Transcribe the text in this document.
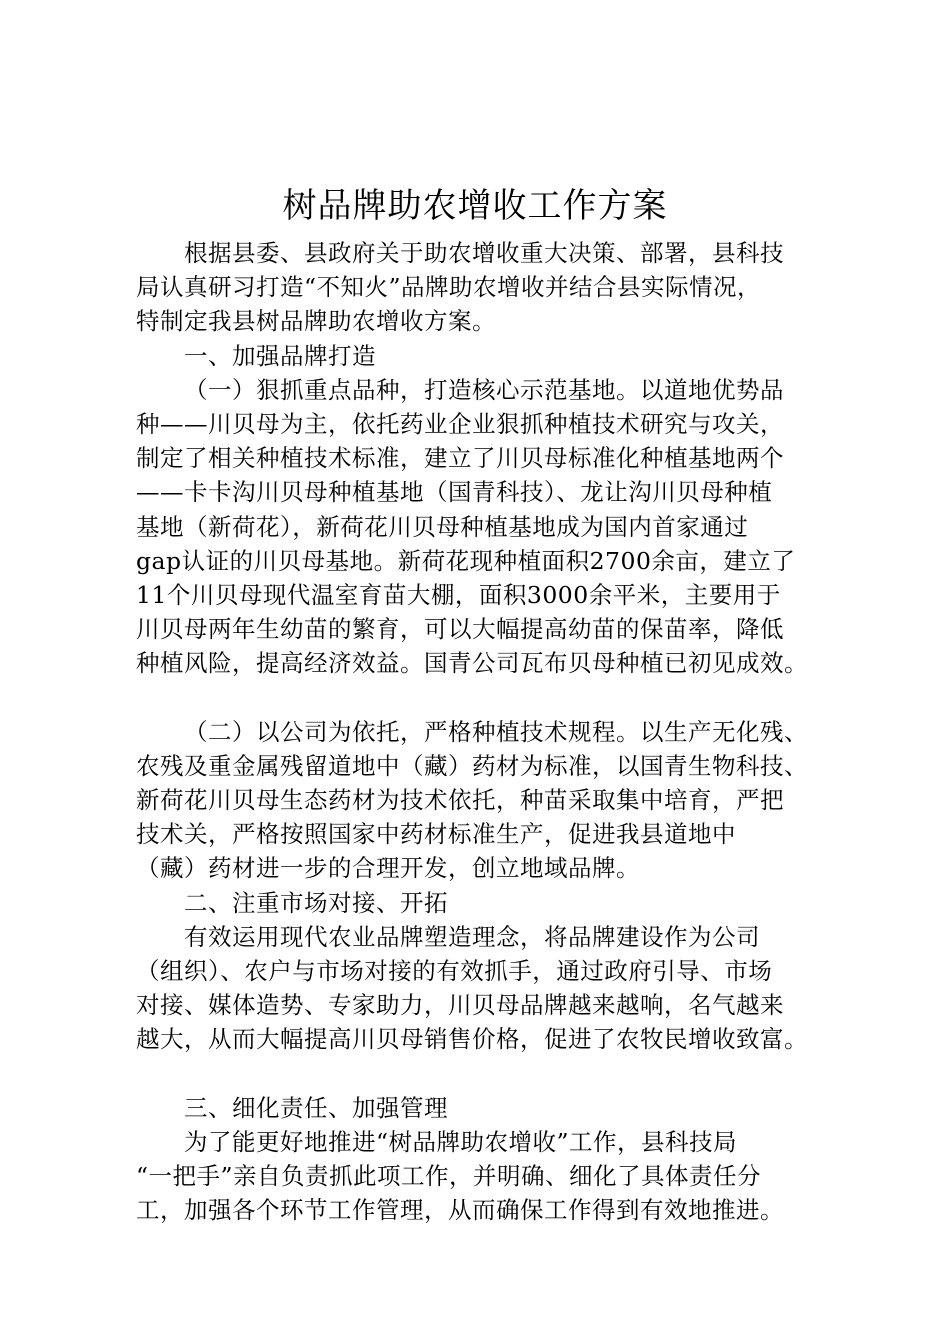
树品牌助农增收工作方案
根据县委、县政府关于助农增收重大决策、部署，县科技
局认真研习打造“不知火”品牌助农增收并结合县实际情况，
特制定我县树品牌助农增收方案。
一、加强品牌打造
（一）狠抓重点品种，打造核心示范基地。以道地优势品
种——川贝母为主，依托药业企业狠抓种植技术研究与攻关，
制定了相关种植技术标准，建立了川贝母标准化种植基地两个
——卡卡沟川贝母种植基地（国青科技）、龙让沟川贝母种植
基地（新荷花），新荷花川贝母种植基地成为国内首家通过
gap认证的川贝母基地。新荷花现种植面积2700余亩，建立了
11个川贝母现代温室育苗大棚，面积3000余平米，主要用于
川贝母两年生幼苗的繁育，可以大幅提高幼苗的保苗率，降低
种植风险，提高经济效益。国青公司瓦布贝母种植已初见成效。
（二）以公司为依托，严格种植技术规程。以生产无化残、
农残及重金属残留道地中（藏）药材为标准，以国青生物科技、
新荷花川贝母生态药材为技术依托，种苗采取集中培育，严把
技术关，严格按照国家中药材标准生产，促进我县道地中
（藏）药材进一步的合理开发，创立地域品牌。
二、注重市场对接、开拓
有效运用现代农业品牌塑造理念，将品牌建设作为公司
（组织）、农户与市场对接的有效抓手，通过政府引导、市场
对接、媒体造势、专家助力，川贝母品牌越来越响，名气越来
越大，从而大幅提高川贝母销售价格，促进了农牧民增收致富。
三、细化责任、加强管理
为了能更好地推进“树品牌助农增收”工作，县科技局
“一把手”亲自负责抓此项工作，并明确、细化了具体责任分
工，加强各个环节工作管理，从而确保工作得到有效地推进。
